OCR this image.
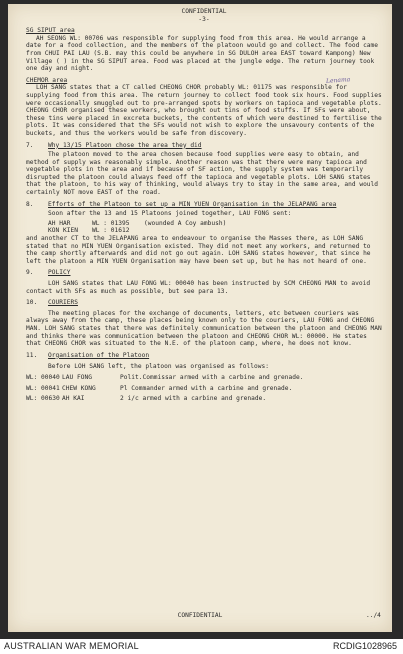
CONFIDENTIAL
-3-
SG SIPUT area
AH SEONG WL: 00706 was responsible for supplying food from this area. He would arrange a date for a food collection, and the members of the platoon would go and collect. The food came from CHUI PAI LAU (S.B. may this could be anywhere in SG DULOH area EAST toward Kampong) New Village ( ) in the SG SIPUT area. Food was placed at the jungle edge. The return journey took one day and night.
CHEMOR area
LOH SANG states that a CT called CHEONG CHOR probably WL: 01175 was responsible for supplying food from this area. The return journey to collect food took six hours. Food supplies were occasionally smuggled out to pre-arranged spots by workers on tapioca and vegetable plots. CHEONG CHOR organised these workers, who brought out tins of food stuffs. If SFs were about, these tins were placed in excreta buckets, the contents of which were destined to fertilise the plots. It was considered that the SFs would not wish to explore the unsavoury contents of the buckets, and thus the workers would be safe from discovery.
7.	Why 13/15 Platoon chose the area they did
The platoon moved to the area chosen because food supplies were easy to obtain, and method of supply was reasonably simple. Another reason was that there were many tapioca and vegetable plots in the area and if because of SF action, the supply system was temporarily disrupted the platoon could always feed off the tapioca and vegetable plots. LOH SANG states that the platoon, to his way of thinking, would always try to stay in the same area, and would certainly NOT move EAST of the road.
8.	Efforts of the Platoon to set up a MIN YUEN Organisation in the JELAPANG area
Soon after the 13 and 15 Platoons joined together, LAU FONG sent:
AH HAR	WL : 01395	(wounded A Coy ambush)
KON KIEN	WL : 01612
and another CT to the JELAPANG area to endeavour to organise the Masses there, as LOH SANG stated that no MIN YUEN Organisation existed. They did not meet any workers, and returned to the camp shortly afterwards and did not go out again. LOH SANG states however, that since he left the platoon a MIN YUEN Organisation may have been set up, but he has not heard of one.
9.	POLICY
LOH SANG states that LAU FONG WL: 00040 has been instructed by SCM CHEONG MAN to avoid contact with SFs as much as possible, but see para 13.
10.	COURIERS
The meeting places for the exchange of documents, letters, etc between couriers was always away from the camp, these places being known only to the couriers, LAU FONG and CHEONG MAN. LOH SANG states that there was definitely communication between the platoon and CHEONG MAN and thinks there was communication between the platoon and CHEONG CHOR WL: 00000. He states that CHEONG CHOR was situated to the N.E. of the platoon camp, where, he does not know.
11.	Organisation of the Platoon
Before LOH SANG left, the platoon was organised as follows:
WL: 00040 LAU FONG	Polit.Commissar armed with a carbine and grenade.
WL: 00041 CHEW KONG	Pl Commander armed with a carbine and grenade.
WL: 00630 AH KAI	2 i/c armed with a carbine and grenade.
Lenama
CONFIDENTIAL	../4
AUSTRALIAN WAR MEMORIAL	RCDIG1028965
